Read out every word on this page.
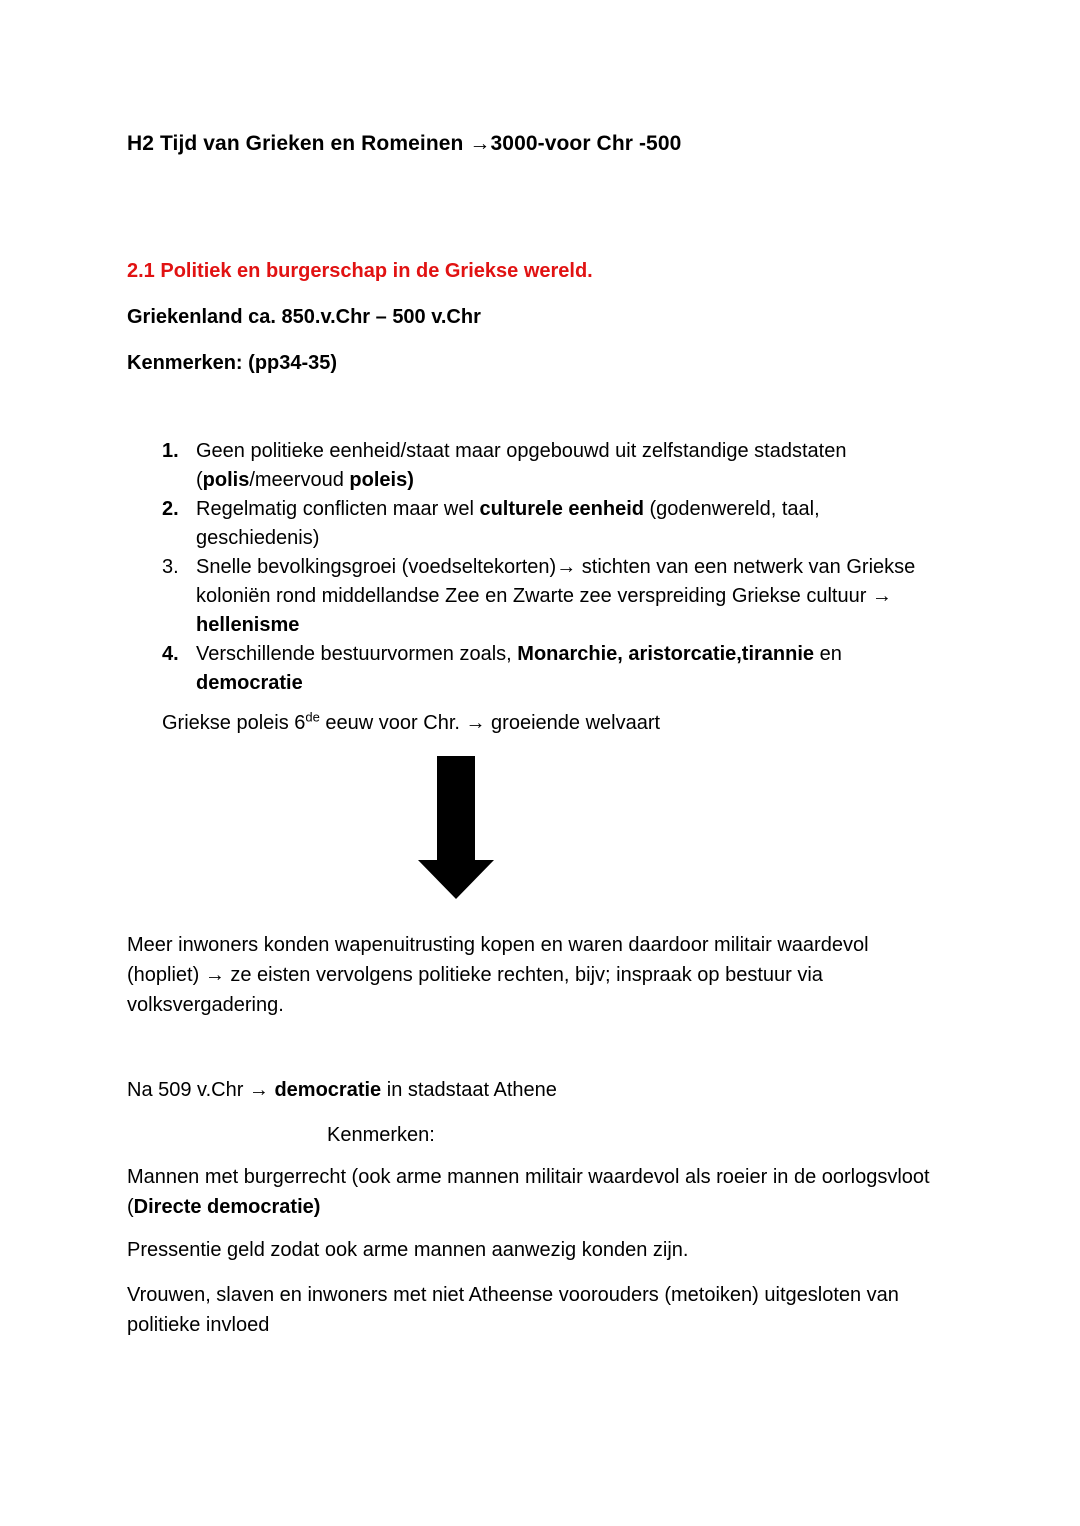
H2 Tijd van Grieken en Romeinen →3000-voor Chr -500
2.1 Politiek en burgerschap in de Griekse wereld.
Griekenland ca. 850.v.Chr – 500 v.Chr
Kenmerken: (pp34-35)
1. Geen politieke eenheid/staat maar opgebouwd uit zelfstandige stadstaten (polis/meervoud poleis)
2. Regelmatig conflicten maar wel culturele eenheid (godenwereld, taal, geschiedenis)
3. Snelle bevolkingsgroei (voedseltekorten)→ stichten van een netwerk van Griekse koloniën rond middellandse Zee en Zwarte zee verspreiding Griekse cultuur → hellenisme
4. Verschillende bestuurvormen zoals, Monarchie, aristorcatie,tirannie en democratie
Griekse poleis 6de eeuw voor Chr. → groeiende welvaart

Meer inwoners konden wapenuitrusting kopen en waren daardoor militair waardevol (hopliet) → ze eisten vervolgens politieke rechten, bijv; inspraak op bestuur via volksvergadering.

Na 509 v.Chr → democratie in stadstaat Athene

Kenmerken:

Mannen met burgerrecht (ook arme mannen militair waardevol als roeier in de oorlogsvloot (Directe democratie)

Pressentie geld zodat ook arme mannen aanwezig konden zijn.

Vrouwen, slaven en inwoners met niet Atheense voorouders (metoiken) uitgesloten van politieke invloed
